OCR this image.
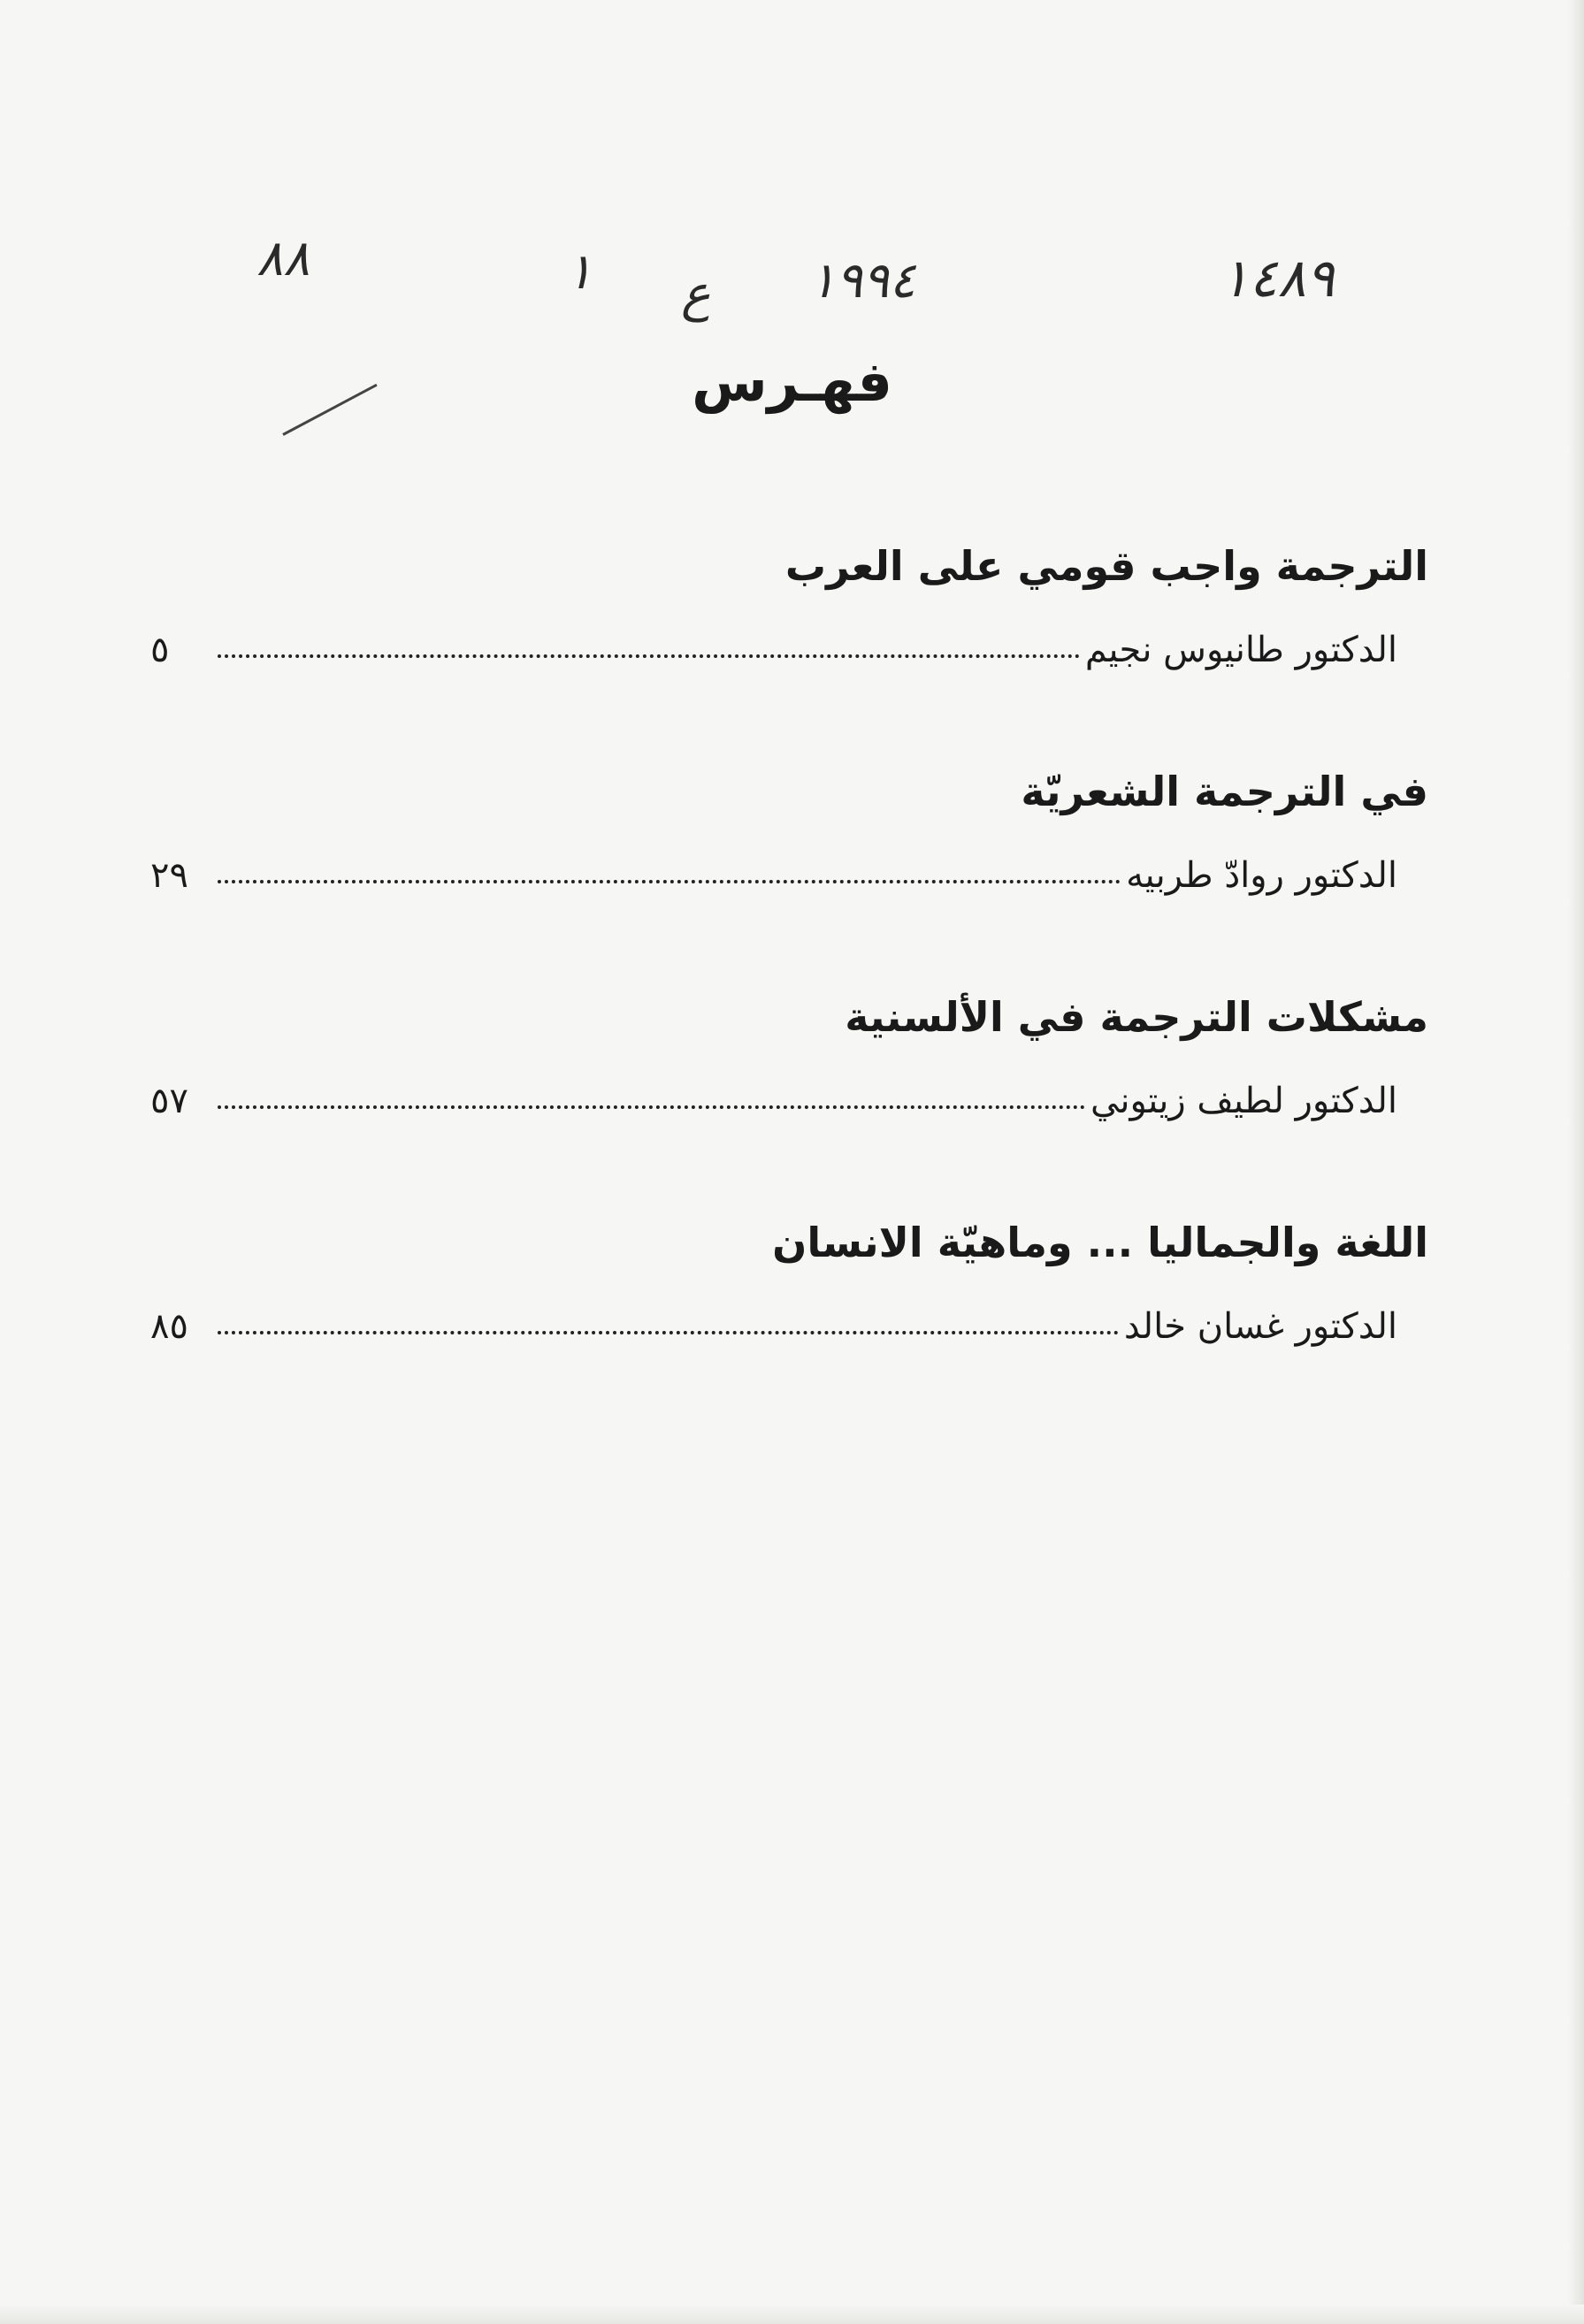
١٤٨٩
١٩٩٤
ع
١
٨٨
فهـرس
الترجمة واجب قومي على العرب
الدكتور طانيوس نجيم
٥
في الترجمة الشعريّة
الدكتور روادّ طربيه
٢٩
مشكلات الترجمة في الألسنية
الدكتور لطيف زيتوني
٥٧
اللغة والجماليا ... وماهيّة الانسان
الدكتور غسان خالد
٨٥
